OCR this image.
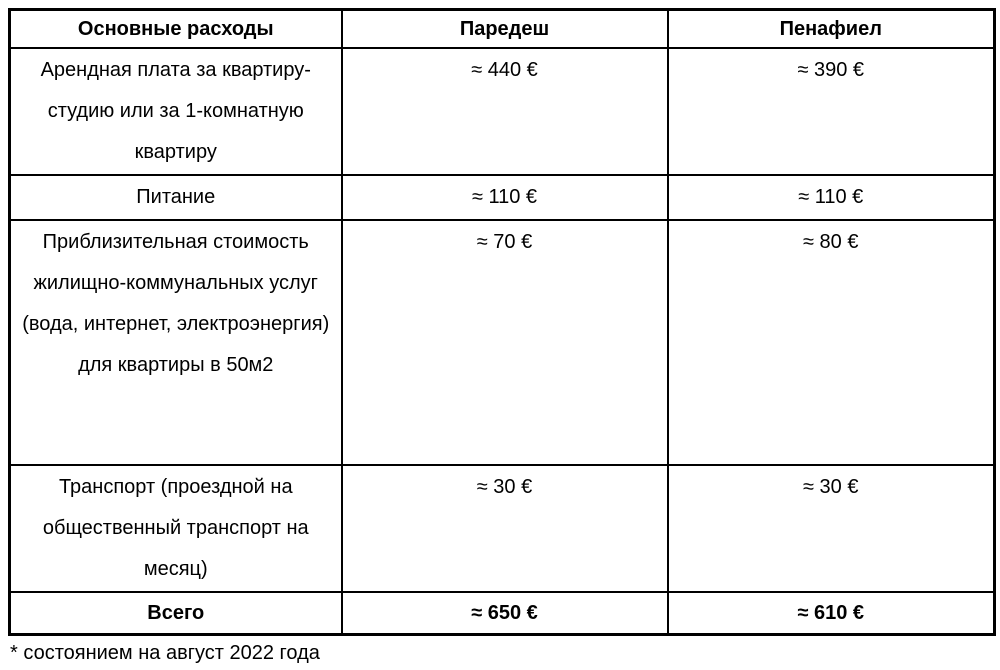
Основные расходы	Паредеш	Пенафиел
Арендная плата за квартиру-студию или за 1-комнатную квартиру	≈ 440 €	≈ 390 €
Питание	≈ 110 €	≈ 110 €
Приблизительная стоимость жилищно-коммунальных услуг (вода, интернет, электроэнергия) для квартиры в 50м2	≈ 70 €	≈ 80 €
Транспорт (проездной на общественный транспорт на месяц)	≈ 30 €	≈ 30 €
Всего	≈ 650 €	≈ 610 €
* состоянием на август 2022 года
